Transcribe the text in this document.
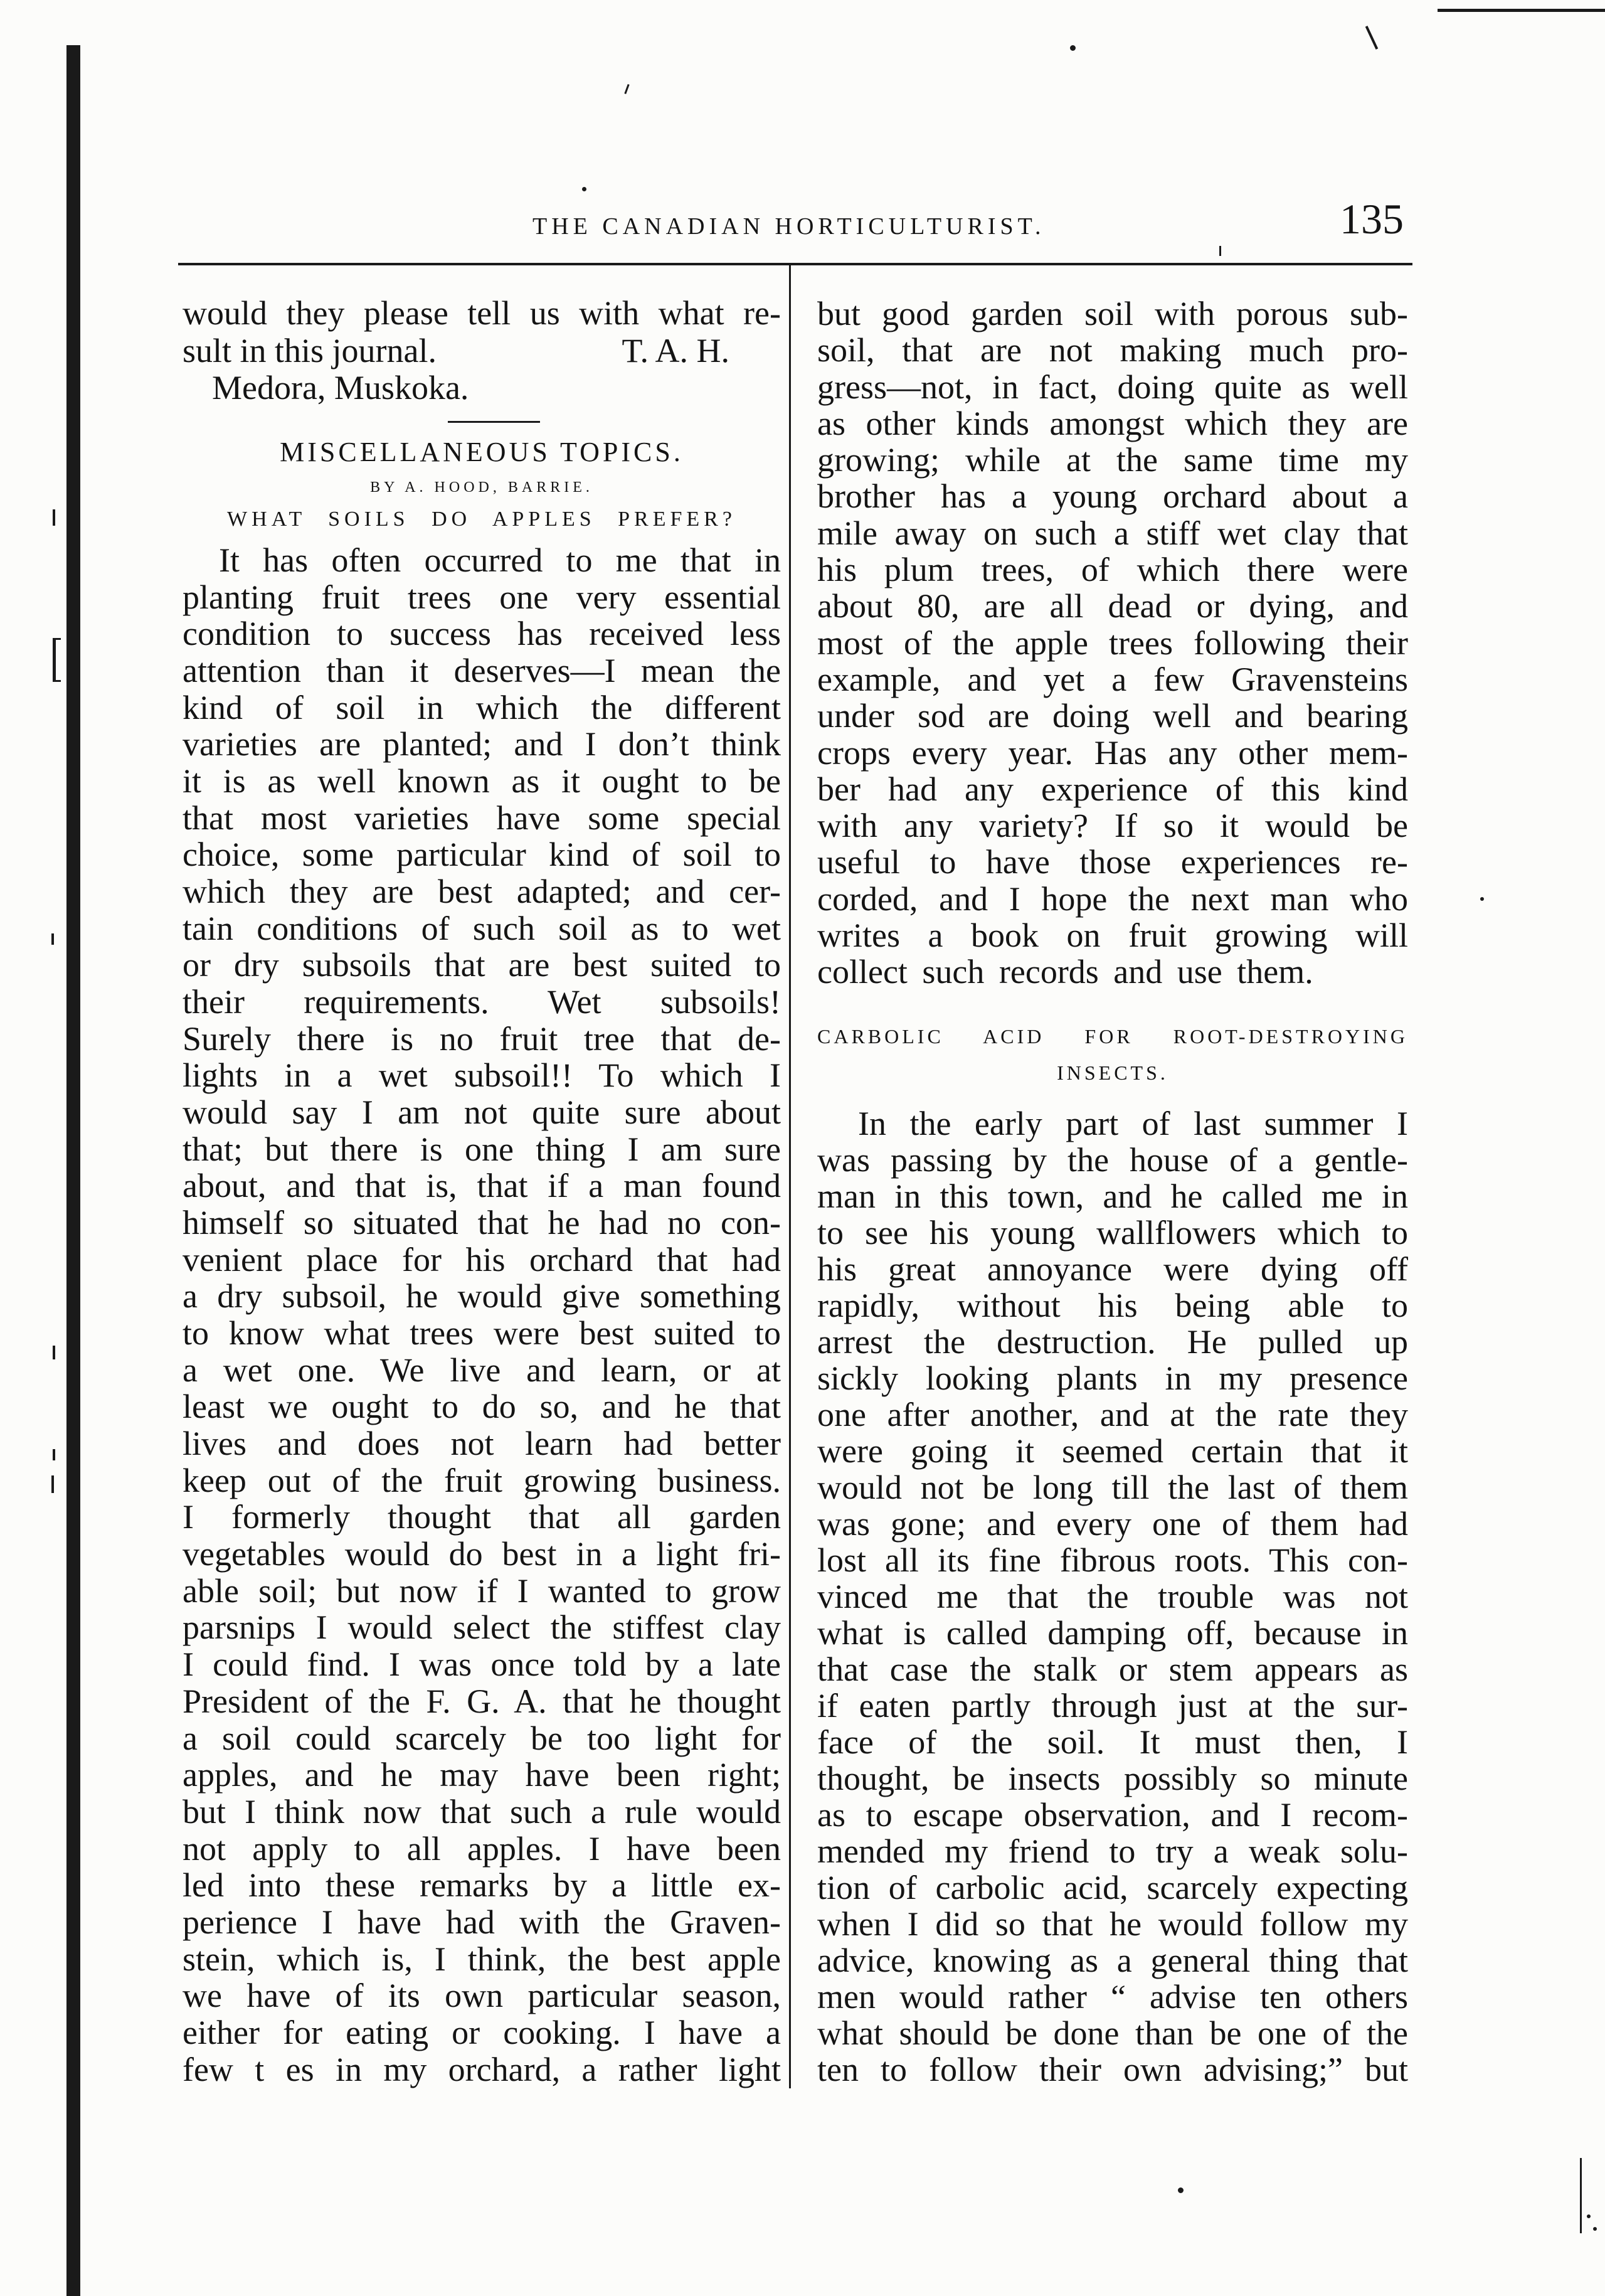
THE CANADIAN HORTICULTURIST.	135
would they please tell us with what re-
sult in this journal.	T. A. H.
Medora, Muskoka.
MISCELLANEOUS TOPICS.
BY A. HOOD, BARRIE.
WHAT SOILS DO APPLES PREFER?
It has often occurred to me that in
planting fruit trees one very essential
condition to success has received less
attention than it deserves—I mean the
kind of soil in which the different
varieties are planted; and I don’t think
it is as well known as it ought to be
that most varieties have some special
choice, some particular kind of soil to
which they are best adapted; and cer-
tain conditions of such soil as to wet
or dry subsoils that are best suited to
their requirements. Wet subsoils!
Surely there is no fruit tree that de-
lights in a wet subsoil!! To which I
would say I am not quite sure about
that; but there is one thing I am sure
about, and that is, that if a man found
himself so situated that he had no con-
venient place for his orchard that had
a dry subsoil, he would give something
to know what trees were best suited to
a wet one. We live and learn, or at
least we ought to do so, and he that
lives and does not learn had better
keep out of the fruit growing business.
I formerly thought that all garden
vegetables would do best in a light fri-
able soil; but now if I wanted to grow
parsnips I would select the stiffest clay
I could find. I was once told by a late
President of the F. G. A. that he thought
a soil could scarcely be too light for
apples, and he may have been right;
but I think now that such a rule would
not apply to all apples. I have been
led into these remarks by a little ex-
perience I have had with the Graven-
stein, which is, I think, the best apple
we have of its own particular season,
either for eating or cooking. I have a
few t es in my orchard, a rather light
but good garden soil with porous sub-
soil, that are not making much pro-
gress—not, in fact, doing quite as well
as other kinds amongst which they are
growing; while at the same time my
brother has a young orchard about a
mile away on such a stiff wet clay that
his plum trees, of which there were
about 80, are all dead or dying, and
most of the apple trees following their
example, and yet a few Gravensteins
under sod are doing well and bearing
crops every year. Has any other mem-
ber had any experience of this kind
with any variety? If so it would be
useful to have those experiences re-
corded, and I hope the next man who
writes a book on fruit growing will
collect such records and use them.
CARBOLIC ACID FOR ROOT-DESTROYING
INSECTS.
In the early part of last summer I
was passing by the house of a gentle-
man in this town, and he called me in
to see his young wallflowers which to
his great annoyance were dying off
rapidly, without his being able to
arrest the destruction. He pulled up
sickly looking plants in my presence
one after another, and at the rate they
were going it seemed certain that it
would not be long till the last of them
was gone; and every one of them had
lost all its fine fibrous roots. This con-
vinced me that the trouble was not
what is called damping off, because in
that case the stalk or stem appears as
if eaten partly through just at the sur-
face of the soil. It must then, I
thought, be insects possibly so minute
as to escape observation, and I recom-
mended my friend to try a weak solu-
tion of carbolic acid, scarcely expecting
when I did so that he would follow my
advice, knowing as a general thing that
men would rather “ advise ten others
what should be done than be one of the
ten to follow their own advising;” but
